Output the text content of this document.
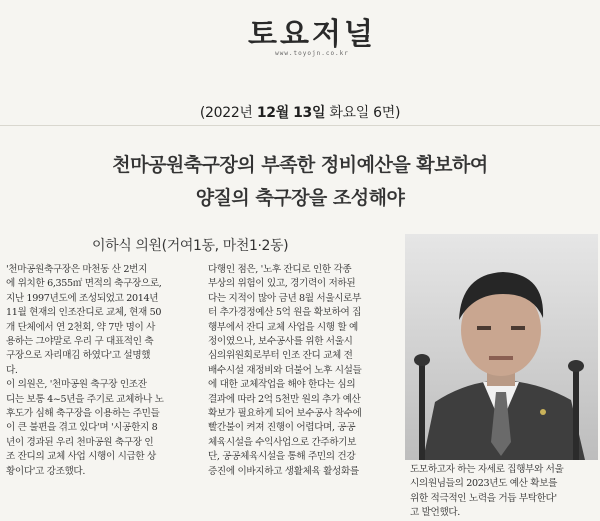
토요저널
www.toyojn.co.kr
(2022년 12월 13일 화요일 6면)
천마공원축구장의 부족한 정비예산을 확보하여
양질의 축구장을 조성해야
이하식 의원(거여1동, 마천1·2동)
'천마공원축구장은 마천동 산 2번지
에 위치한 6,355㎡ 면적의 축구장으로,
지난 1997년도에 조성되었고 2014년
11월 현재의 인조잔디로 교체, 현재 50
개 단체에서 연 2천회, 약 7만 명이 사
용하는 그야말로 우리 구 대표적인 축
구장으로 자리매김 하였다'고 설명했
다.
이 의원은, '천마공원 축구장 인조잔
디는 보통 4~5년을 주기로 교체하나 노
후도가 심해 축구장을 이용하는 주민들
이 큰 불편을 겪고 있다'며 '시공한지 8
년이 경과된 우리 천마공원 축구장 인
조 잔디의 교체 사업 시행이 시급한 상
황이다'고 강조했다.
다행인 점은, '노후 잔디로 인한 각종
부상의 위험이 있고, 경기력이 저하된
다는 지적이 많아 금년 8월 서울시로부
터 추가경정예산 5억 원을 확보하여 집
행부에서 잔디 교체 사업을 시행 할 예
정이였으나, 보수공사를 위한 서울시
심의위원회로부터 인조 잔디 교체 전
배수시설 재정비와 더불어 노후 시설들
에 대한 교체작업을 해야 한다는 심의
결과에 따라 2억 5천만 원의 추가 예산
확보가 필요하게 되어 보수공사 착수에
빨간불이 켜져 진행이 어렵다며, 공공
체육시설을 수익사업으로 간주하기보
단, 공공체육시설을 통해 주민의 건강
증진에 이바지하고 생활체육 활성화를	도모하고자 하는 자세로 집행부와 서울
시의원님들의 2023년도 예산 확보를
위한 적극적인 노력을 거듭 부탁한다'
고 발언했다.
